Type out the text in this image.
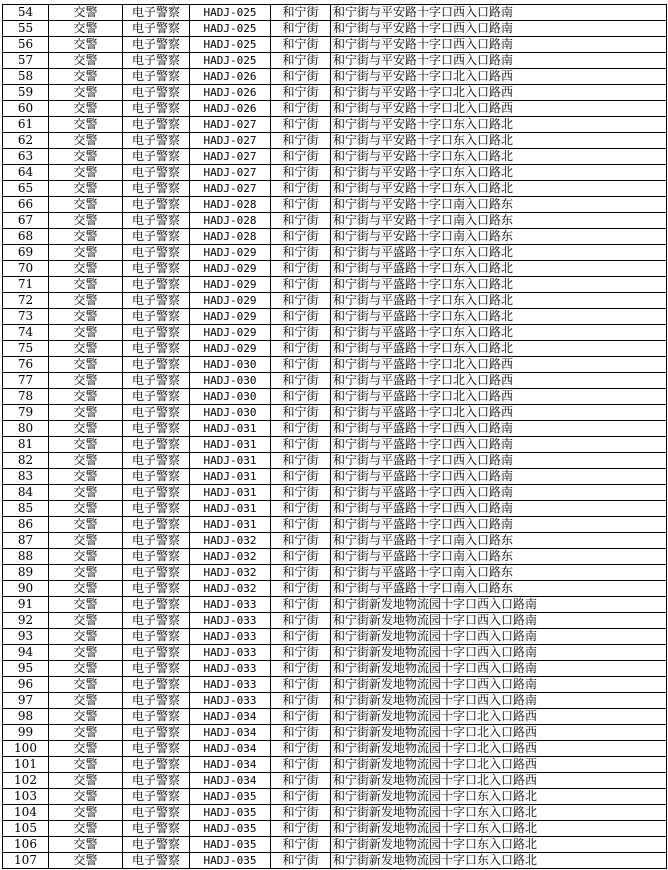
54	交警	电子警察	HADJ-025	和宁街	和宁街与平安路十字口西入口路南
55	交警	电子警察	HADJ-025	和宁街	和宁街与平安路十字口西入口路南
56	交警	电子警察	HADJ-025	和宁街	和宁街与平安路十字口西入口路南
57	交警	电子警察	HADJ-025	和宁街	和宁街与平安路十字口西入口路南
58	交警	电子警察	HADJ-026	和宁街	和宁街与平安路十字口北入口路西
59	交警	电子警察	HADJ-026	和宁街	和宁街与平安路十字口北入口路西
60	交警	电子警察	HADJ-026	和宁街	和宁街与平安路十字口北入口路西
61	交警	电子警察	HADJ-027	和宁街	和宁街与平安路十字口东入口路北
62	交警	电子警察	HADJ-027	和宁街	和宁街与平安路十字口东入口路北
63	交警	电子警察	HADJ-027	和宁街	和宁街与平安路十字口东入口路北
64	交警	电子警察	HADJ-027	和宁街	和宁街与平安路十字口东入口路北
65	交警	电子警察	HADJ-027	和宁街	和宁街与平安路十字口东入口路北
66	交警	电子警察	HADJ-028	和宁街	和宁街与平安路十字口南入口路东
67	交警	电子警察	HADJ-028	和宁街	和宁街与平安路十字口南入口路东
68	交警	电子警察	HADJ-028	和宁街	和宁街与平安路十字口南入口路东
69	交警	电子警察	HADJ-029	和宁街	和宁街与平盛路十字口东入口路北
70	交警	电子警察	HADJ-029	和宁街	和宁街与平盛路十字口东入口路北
71	交警	电子警察	HADJ-029	和宁街	和宁街与平盛路十字口东入口路北
72	交警	电子警察	HADJ-029	和宁街	和宁街与平盛路十字口东入口路北
73	交警	电子警察	HADJ-029	和宁街	和宁街与平盛路十字口东入口路北
74	交警	电子警察	HADJ-029	和宁街	和宁街与平盛路十字口东入口路北
75	交警	电子警察	HADJ-029	和宁街	和宁街与平盛路十字口东入口路北
76	交警	电子警察	HADJ-030	和宁街	和宁街与平盛路十字口北入口路西
77	交警	电子警察	HADJ-030	和宁街	和宁街与平盛路十字口北入口路西
78	交警	电子警察	HADJ-030	和宁街	和宁街与平盛路十字口北入口路西
79	交警	电子警察	HADJ-030	和宁街	和宁街与平盛路十字口北入口路西
80	交警	电子警察	HADJ-031	和宁街	和宁街与平盛路十字口西入口路南
81	交警	电子警察	HADJ-031	和宁街	和宁街与平盛路十字口西入口路南
82	交警	电子警察	HADJ-031	和宁街	和宁街与平盛路十字口西入口路南
83	交警	电子警察	HADJ-031	和宁街	和宁街与平盛路十字口西入口路南
84	交警	电子警察	HADJ-031	和宁街	和宁街与平盛路十字口西入口路南
85	交警	电子警察	HADJ-031	和宁街	和宁街与平盛路十字口西入口路南
86	交警	电子警察	HADJ-031	和宁街	和宁街与平盛路十字口西入口路南
87	交警	电子警察	HADJ-032	和宁街	和宁街与平盛路十字口南入口路东
88	交警	电子警察	HADJ-032	和宁街	和宁街与平盛路十字口南入口路东
89	交警	电子警察	HADJ-032	和宁街	和宁街与平盛路十字口南入口路东
90	交警	电子警察	HADJ-032	和宁街	和宁街与平盛路十字口南入口路东
91	交警	电子警察	HADJ-033	和宁街	和宁街新发地物流园十字口西入口路南
92	交警	电子警察	HADJ-033	和宁街	和宁街新发地物流园十字口西入口路南
93	交警	电子警察	HADJ-033	和宁街	和宁街新发地物流园十字口西入口路南
94	交警	电子警察	HADJ-033	和宁街	和宁街新发地物流园十字口西入口路南
95	交警	电子警察	HADJ-033	和宁街	和宁街新发地物流园十字口西入口路南
96	交警	电子警察	HADJ-033	和宁街	和宁街新发地物流园十字口西入口路南
97	交警	电子警察	HADJ-033	和宁街	和宁街新发地物流园十字口西入口路南
98	交警	电子警察	HADJ-034	和宁街	和宁街新发地物流园十字口北入口路西
99	交警	电子警察	HADJ-034	和宁街	和宁街新发地物流园十字口北入口路西
100	交警	电子警察	HADJ-034	和宁街	和宁街新发地物流园十字口北入口路西
101	交警	电子警察	HADJ-034	和宁街	和宁街新发地物流园十字口北入口路西
102	交警	电子警察	HADJ-034	和宁街	和宁街新发地物流园十字口北入口路西
103	交警	电子警察	HADJ-035	和宁街	和宁街新发地物流园十字口东入口路北
104	交警	电子警察	HADJ-035	和宁街	和宁街新发地物流园十字口东入口路北
105	交警	电子警察	HADJ-035	和宁街	和宁街新发地物流园十字口东入口路北
106	交警	电子警察	HADJ-035	和宁街	和宁街新发地物流园十字口东入口路北
107	交警	电子警察	HADJ-035	和宁街	和宁街新发地物流园十字口东入口路北
